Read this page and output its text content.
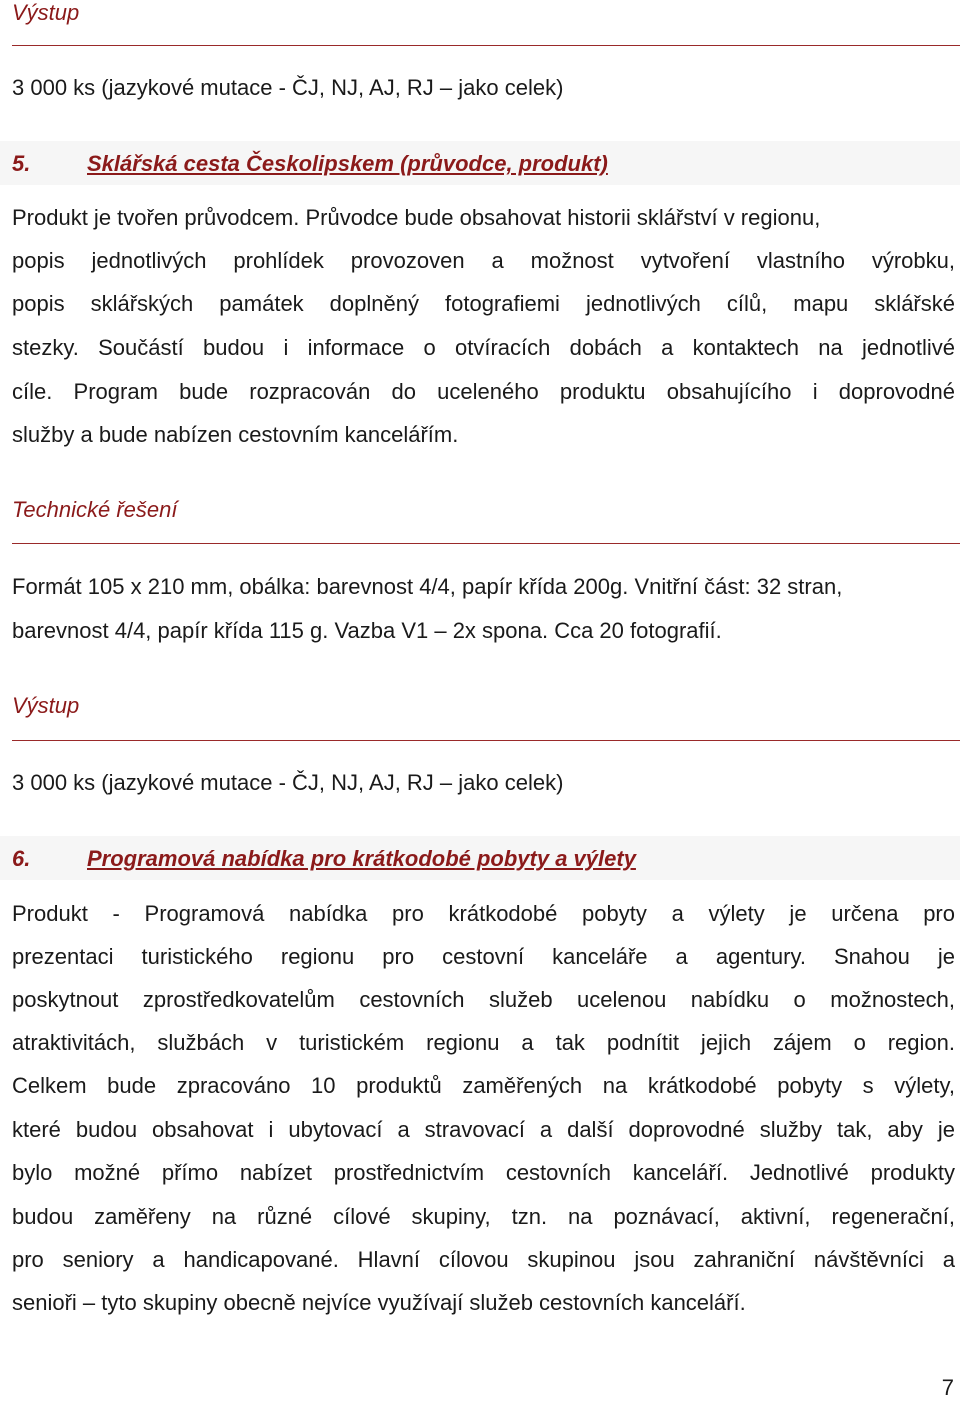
Výstup
3 000 ks (jazykové mutace - ČJ, NJ, AJ, RJ – jako celek)
5.	Sklářská cesta Českolipskem (průvodce, produkt)
Produkt je tvořen průvodcem. Průvodce bude obsahovat historii sklářství v regionu,
popis jednotlivých prohlídek provozoven a možnost vytvoření vlastního výrobku,
popis sklářských památek doplněný fotografiemi jednotlivých cílů, mapu sklářské
stezky. Součástí budou i informace o otvíracích dobách a kontaktech na jednotlivé
cíle. Program bude rozpracován do uceleného produktu obsahujícího i doprovodné
služby a bude nabízen cestovním kancelářím.
Technické řešení
Formát 105 x 210 mm, obálka: barevnost 4/4, papír křída 200g. Vnitřní část: 32 stran,
barevnost 4/4, papír křída 115 g. Vazba V1 – 2x spona. Cca 20 fotografií.
Výstup
3 000 ks (jazykové mutace - ČJ, NJ, AJ, RJ – jako celek)
6.	Programová nabídka pro krátkodobé pobyty a výlety
Produkt - Programová nabídka pro krátkodobé pobyty a výlety je určena pro
prezentaci turistického regionu pro cestovní kanceláře a agentury. Snahou je
poskytnout zprostředkovatelům cestovních služeb ucelenou nabídku o možnostech,
atraktivitách, službách v turistickém regionu a tak podnítit jejich zájem o region.
Celkem bude zpracováno 10 produktů zaměřených na krátkodobé pobyty s výlety,
které budou obsahovat i ubytovací a stravovací a další doprovodné služby tak, aby je
bylo možné přímo nabízet prostřednictvím cestovních kanceláří. Jednotlivé produkty
budou zaměřeny na různé cílové skupiny, tzn. na poznávací, aktivní, regenerační,
pro seniory a handicapované. Hlavní cílovou skupinou jsou zahraniční návštěvníci a
senioři – tyto skupiny obecně nejvíce využívají služeb cestovních kanceláří.
7
